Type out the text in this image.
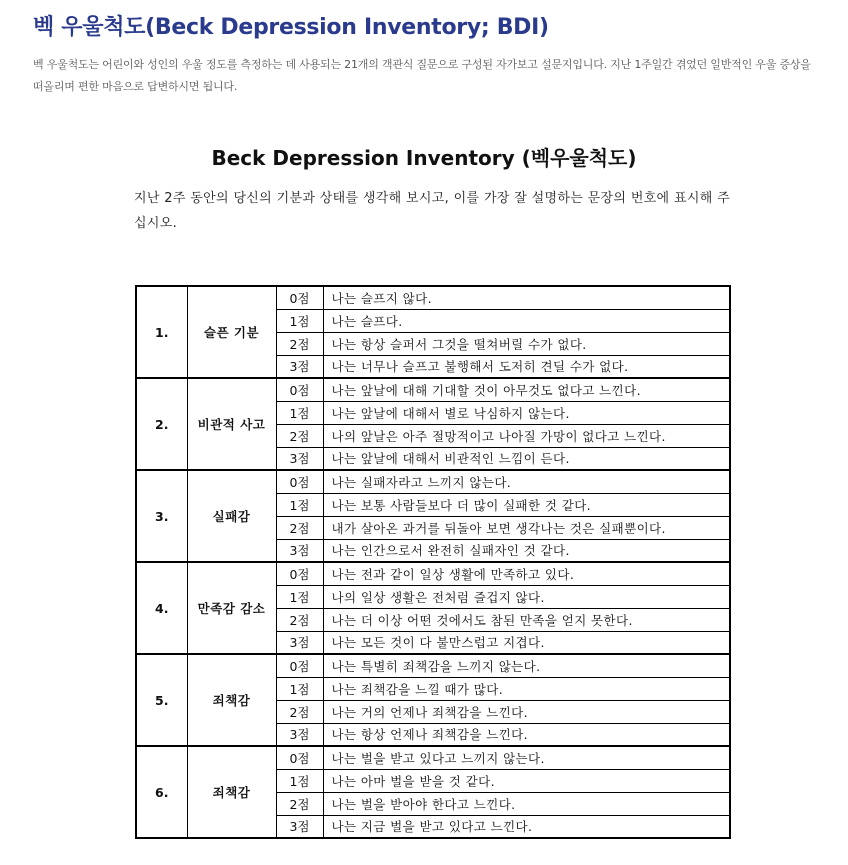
벡 우울척도(Beck Depression Inventory; BDI)
벡 우울척도는 어린이와 성인의 우울 정도를 측정하는 데 사용되는 21개의 객관식 질문으로 구성된 자가보고 설문지입니다. 지난 1주일간 겪었던 일반적인 우울 증상을 떠올리며 편한 마음으로 답변하시면 됩니다.
Beck Depression Inventory (벡우울척도)
지난 2주 동안의 당신의 기분과 상태를 생각해 보시고, 이를 가장 잘 설명하는 문장의 번호에 표시해 주십시오.
1.	슬픈 기분	0점	나는 슬프지 않다.
		1점	나는 슬프다.
		2점	나는 항상 슬퍼서 그것을 떨쳐버릴 수가 없다.
		3점	나는 너무나 슬프고 불행해서 도저히 견딜 수가 없다.
2.	비관적 사고	0점	나는 앞날에 대해 기대할 것이 아무것도 없다고 느낀다.
		1점	나는 앞날에 대해서 별로 낙심하지 않는다.
		2점	나의 앞날은 아주 절망적이고 나아질 가망이 없다고 느낀다.
		3점	나는 앞날에 대해서 비관적인 느낌이 든다.
3.	실패감	0점	나는 실패자라고 느끼지 않는다.
		1점	나는 보통 사람들보다 더 많이 실패한 것 같다.
		2점	내가 살아온 과거를 뒤돌아 보면 생각나는 것은 실패뿐이다.
		3점	나는 인간으로서 완전히 실패자인 것 같다.
4.	만족감 감소	0점	나는 전과 같이 일상 생활에 만족하고 있다.
		1점	나의 일상 생활은 전처럼 즐겁지 않다.
		2점	나는 더 이상 어떤 것에서도 참된 만족을 얻지 못한다.
		3점	나는 모든 것이 다 불만스럽고 지겹다.
5.	죄책감	0점	나는 특별히 죄책감을 느끼지 않는다.
		1점	나는 죄책감을 느낄 때가 많다.
		2점	나는 거의 언제나 죄책감을 느낀다.
		3점	나는 항상 언제나 죄책감을 느낀다.
6.	죄책감	0점	나는 벌을 받고 있다고 느끼지 않는다.
		1점	나는 아마 벌을 받을 것 같다.
		2점	나는 벌을 받아야 한다고 느낀다.
		3점	나는 지금 벌을 받고 있다고 느낀다.
